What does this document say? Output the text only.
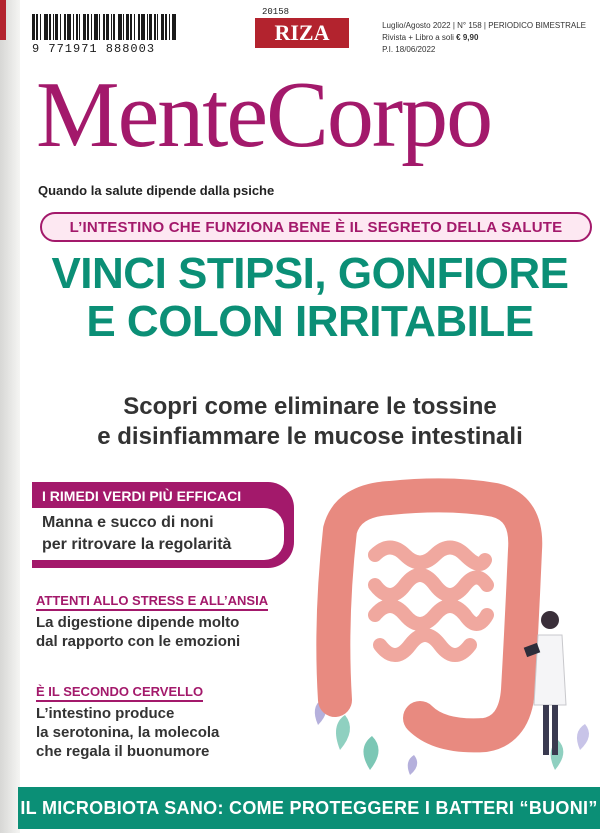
20158
9 771971 888003
RIZA	Luglio/Agosto 2022 | N° 158 | PERIODICO BIMESTRALE
Rivista + Libro a soli € 9,90
P.I. 18/06/2022
MenteCorpo
Quando la salute dipende dalla psiche
L’INTESTINO CHE FUNZIONA BENE È IL SEGRETO DELLA SALUTE
VINCI STIPSI, GONFIORE
E COLON IRRITABILE
Scopri come eliminare le tossine
e disinfiammare le mucose intestinali
I RIMEDI VERDI PIÙ EFFICACI
Manna e succo di noni
per ritrovare la regolarità
ATTENTI ALLO STRESS E ALL’ANSIA
La digestione dipende molto
dal rapporto con le emozioni
È IL SECONDO CERVELLO
L’intestino produce
la serotonina, la molecola
che regala il buonumore
IL MICROBIOTA SANO: COME PROTEGGERE I BATTERI “BUONI”
